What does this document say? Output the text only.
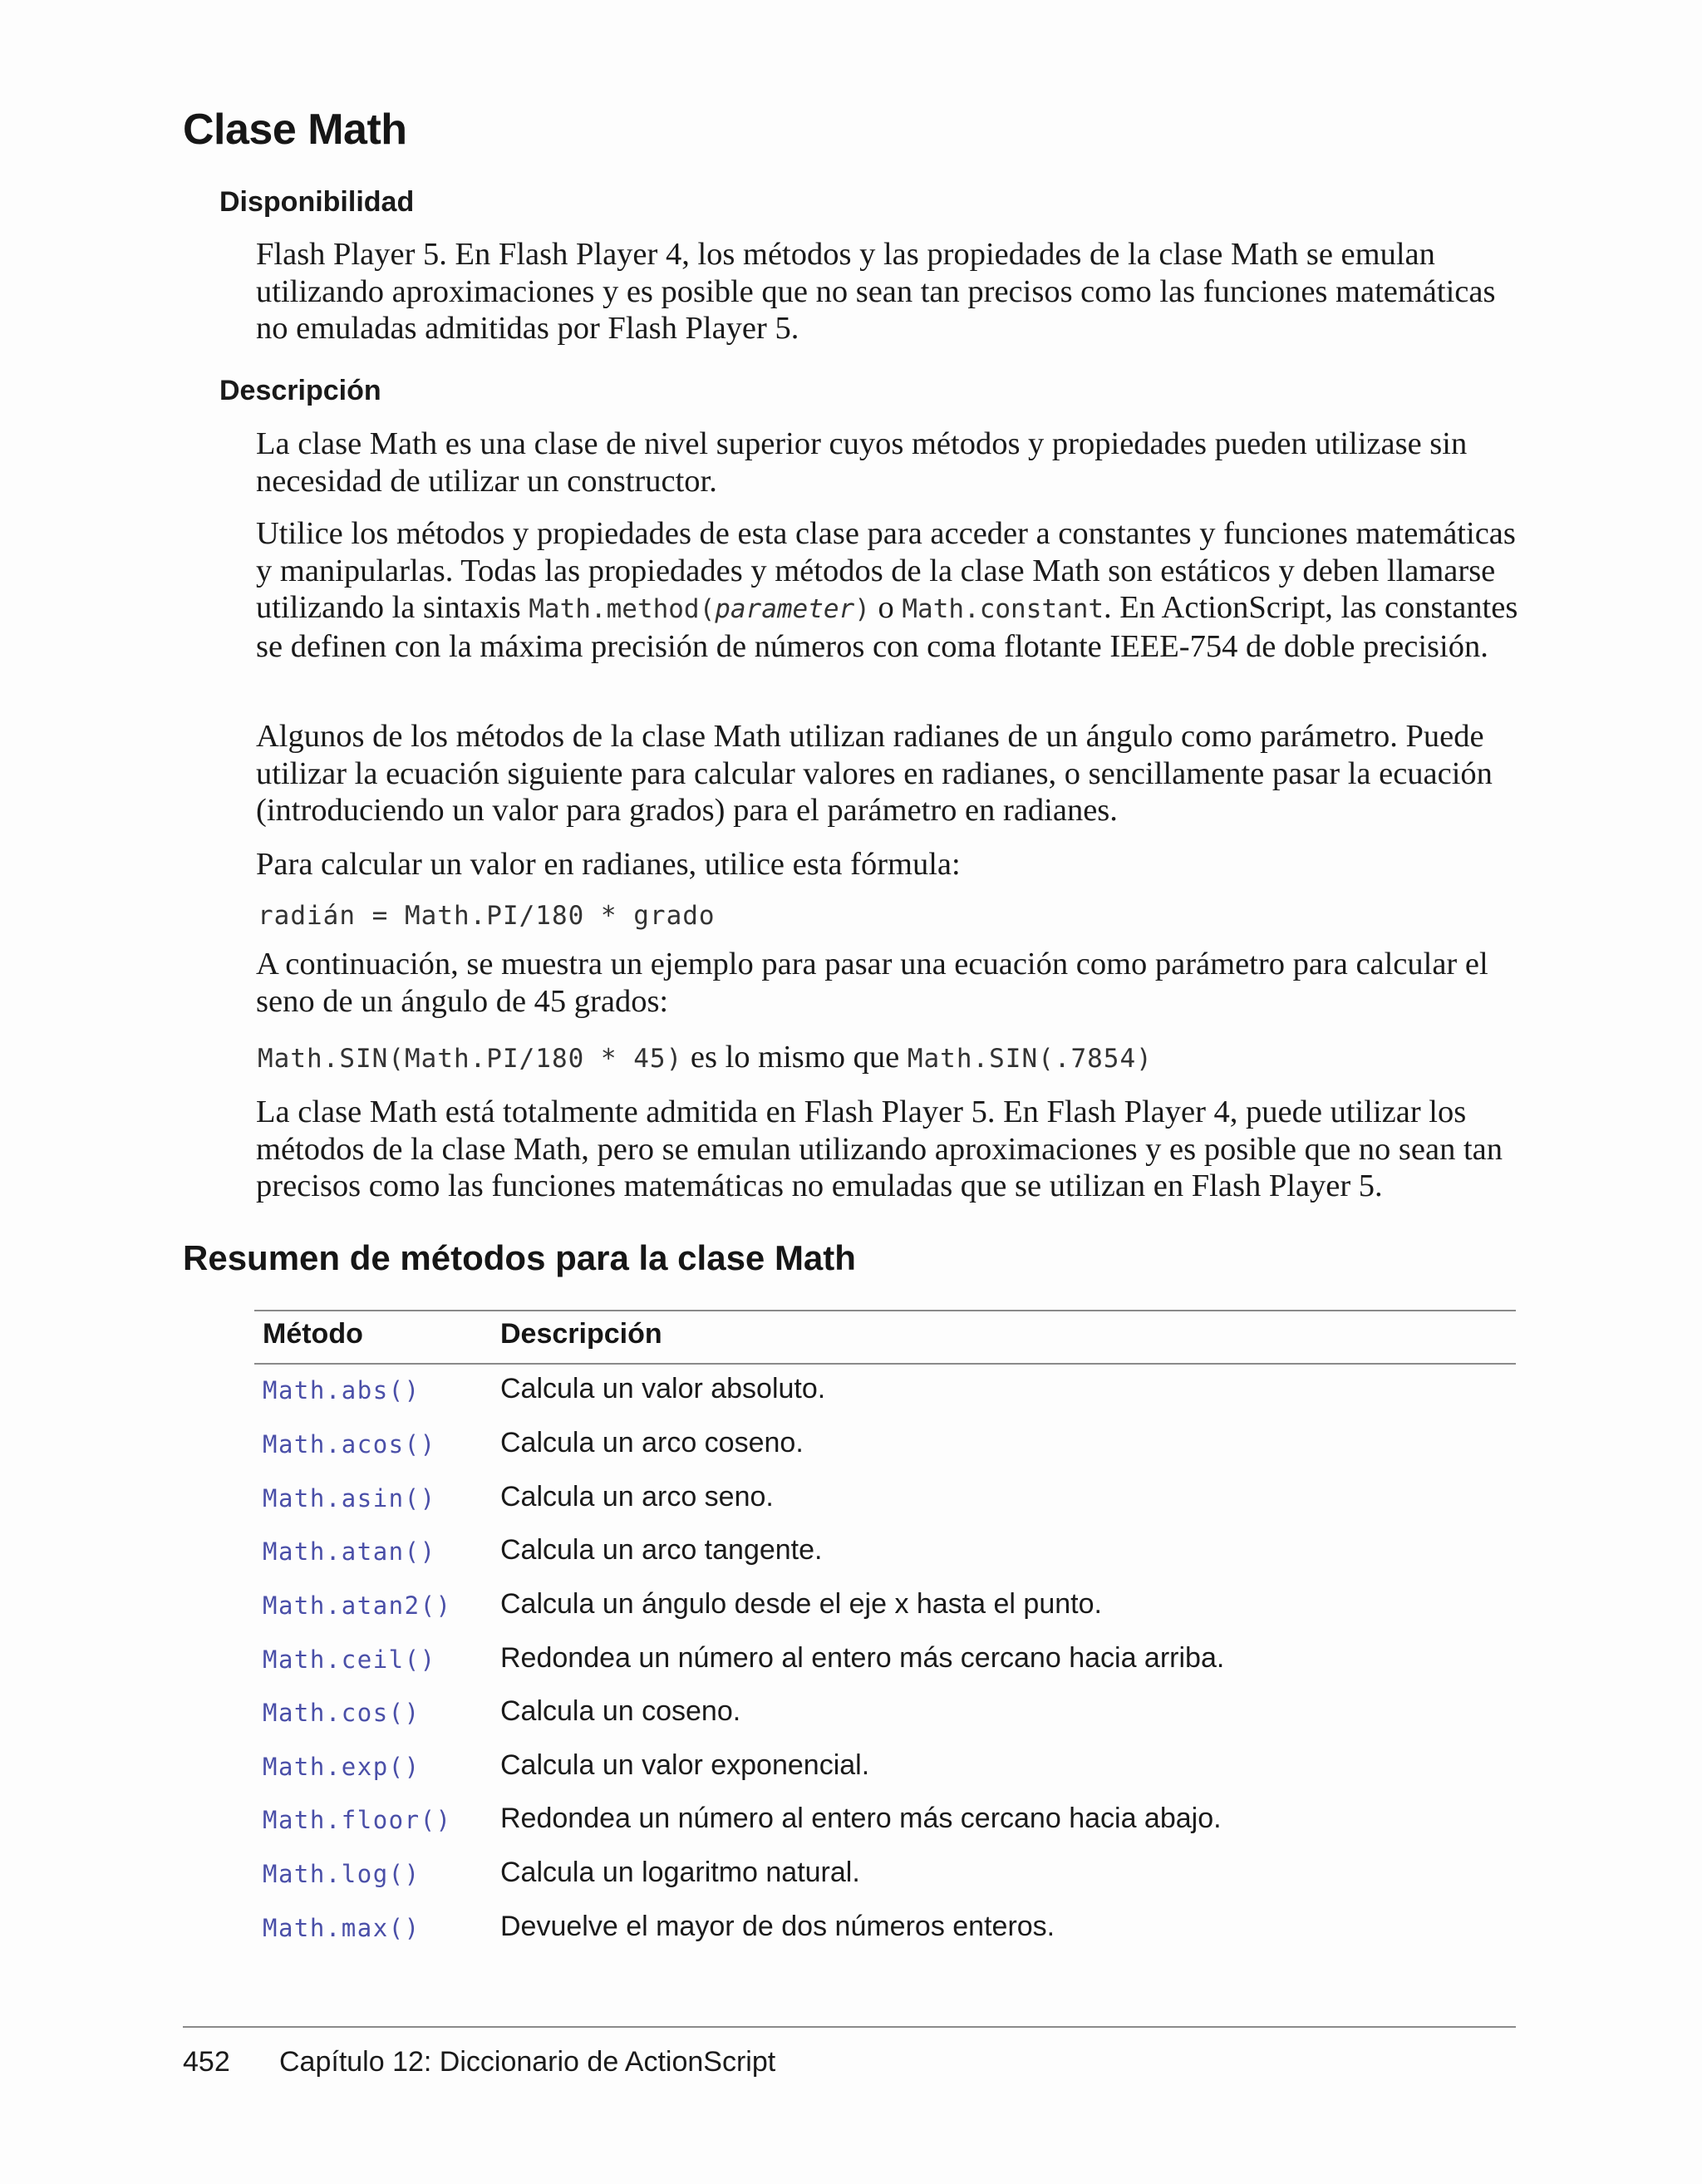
Clase Math
Disponibilidad

Flash Player 5. En Flash Player 4, los métodos y las propiedades de la clase Math se emulan utilizando aproximaciones y es posible que no sean tan precisos como las funciones matemáticas no emuladas admitidas por Flash Player 5.

Descripción

La clase Math es una clase de nivel superior cuyos métodos y propiedades pueden utilizase sin necesidad de utilizar un constructor.

Utilice los métodos y propiedades de esta clase para acceder a constantes y funciones matemáticas y manipularlas. Todas las propiedades y métodos de la clase Math son estáticos y deben llamarse utilizando la sintaxis Math.method(parameter) o Math.constant. En ActionScript, las constantes se definen con la máxima precisión de números con coma flotante IEEE-754 de doble precisión.

Algunos de los métodos de la clase Math utilizan radianes de un ángulo como parámetro. Puede utilizar la ecuación siguiente para calcular valores en radianes, o sencillamente pasar la ecuación (introduciendo un valor para grados) para el parámetro en radianes.

Para calcular un valor en radianes, utilice esta fórmula:

radián = Math.PI/180 * grado

A continuación, se muestra un ejemplo para pasar una ecuación como parámetro para calcular el seno de un ángulo de 45 grados:

Math.SIN(Math.PI/180 * 45) es lo mismo que Math.SIN(.7854)

La clase Math está totalmente admitida en Flash Player 5. En Flash Player 4, puede utilizar los métodos de la clase Math, pero se emulan utilizando aproximaciones y es posible que no sean tan precisos como las funciones matemáticas no emuladas que se utilizan en Flash Player 5.

Resumen de métodos para la clase Math
Método	Descripción
Math.abs()	Calcula un valor absoluto.
Math.acos() Calcula un arco coseno.
Math.asin() Calcula un arco seno.
Math.atan() Calcula un arco tangente.
Math.atan2() Calcula un ángulo desde el eje x hasta el punto.
Math.ceil() Redondea un número al entero más cercano hacia arriba.
Math.cos()	Calcula un coseno.
Math.exp()	Calcula un valor exponencial.
Math.floor() Redondea un número al entero más cercano hacia abajo.
Math.log()	Calcula un logaritmo natural.
Math.max()	Devuelve el mayor de dos números enteros.
452 Capítulo 12: Diccionario de ActionScript
